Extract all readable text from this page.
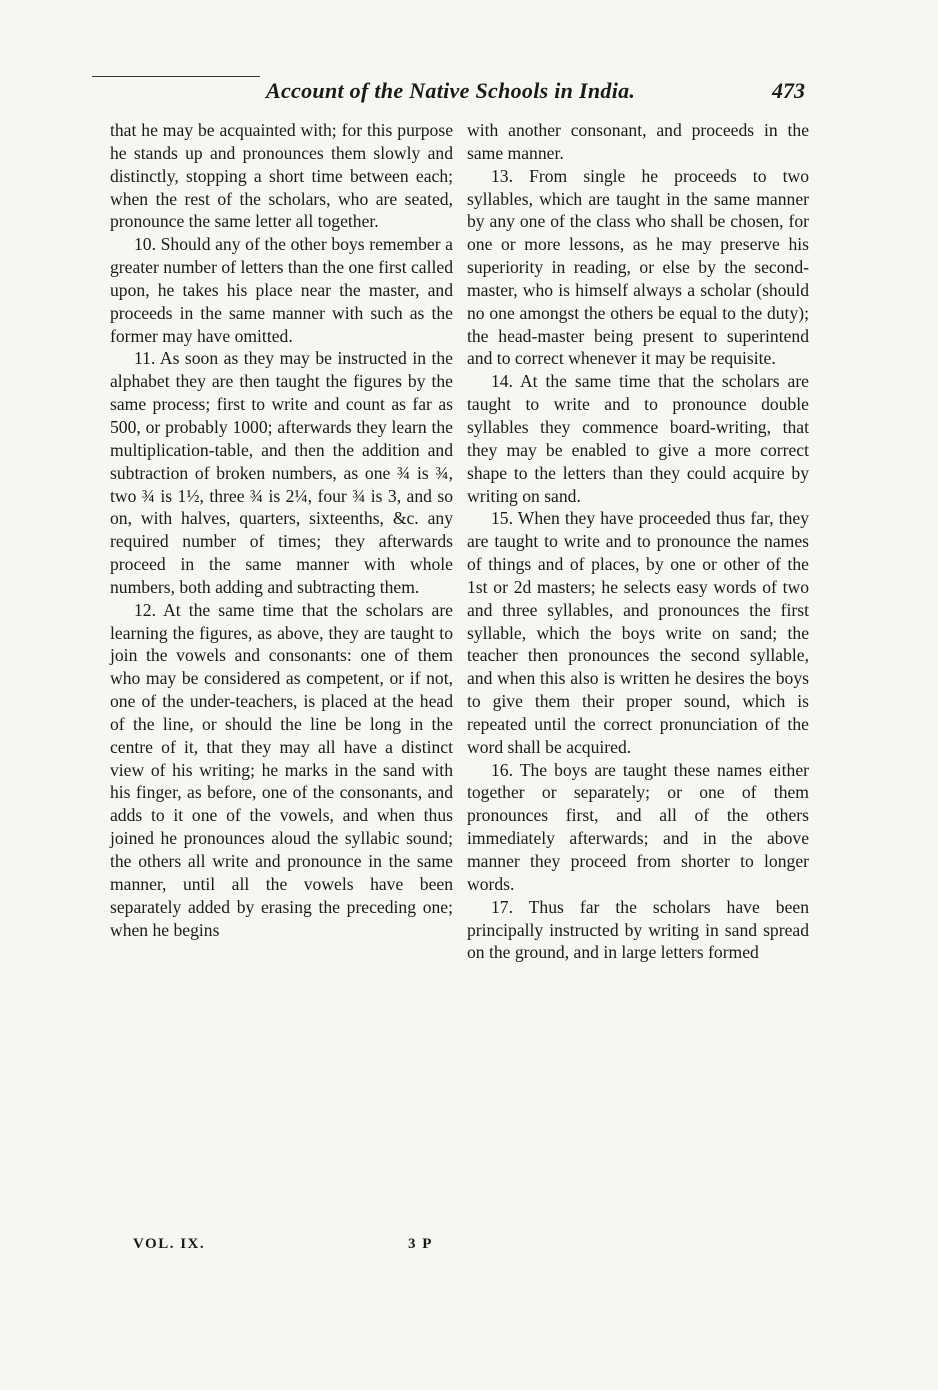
Account of the Native Schools in India.	473

that he may be acquainted with; for this purpose he stands up and pronounces them slowly and distinctly, stopping a short time between each; when the rest of the scholars, who are seated, pronounce the same letter all together.

10. Should any of the other boys remember a greater number of letters than the one first called upon, he takes his place near the master, and proceeds in the same manner with such as the former may have omitted.

11. As soon as they may be instructed in the alphabet they are then taught the figures by the same process; first to write and count as far as 500, or probably 1000; afterwards they learn the multiplication-table, and then the addition and subtraction of broken numbers, as one ¾ is ¾, two ¾ is 1½, three ¾ is 2¼, four ¾ is 3, and so on, with halves, quarters, sixteenths, &c. any required number of times; they afterwards proceed in the same manner with whole numbers, both adding and subtracting them.

12. At the same time that the scholars are learning the figures, as above, they are taught to join the vowels and consonants: one of them who may be considered as competent, or if not, one of the under-teachers, is placed at the head of the line, or should the line be long in the centre of it, that they may all have a distinct view of his writing; he marks in the sand with his finger, as before, one of the consonants, and adds to it one of the vowels, and when thus joined he pronounces aloud the syllabic sound; the others all write and pronounce in the same manner, until all the vowels have been separately added by erasing the preceding one; when he begins

with another consonant, and proceeds in the same manner.

13. From single he proceeds to two syllables, which are taught in the same manner by any one of the class who shall be chosen, for one or more lessons, as he may preserve his superiority in reading, or else by the second-master, who is himself always a scholar (should no one amongst the others be equal to the duty); the head-master being present to superintend and to correct whenever it may be requisite.

14. At the same time that the scholars are taught to write and to pronounce double syllables they commence board-writing, that they may be enabled to give a more correct shape to the letters than they could acquire by writing on sand.

15. When they have proceeded thus far, they are taught to write and to pronounce the names of things and of places, by one or other of the 1st or 2d masters; he selects easy words of two and three syllables, and pronounces the first syllable, which the boys write on sand; the teacher then pronounces the second syllable, and when this also is written he desires the boys to give them their proper sound, which is repeated until the correct pronunciation of the word shall be acquired.

16. The boys are taught these names either together or separately; or one of them pronounces first, and all of the others immediately afterwards; and in the above manner they proceed from shorter to longer words.

17. Thus far the scholars have been principally instructed by writing in sand spread on the ground, and in large letters formed

VOL. IX.	3 P
